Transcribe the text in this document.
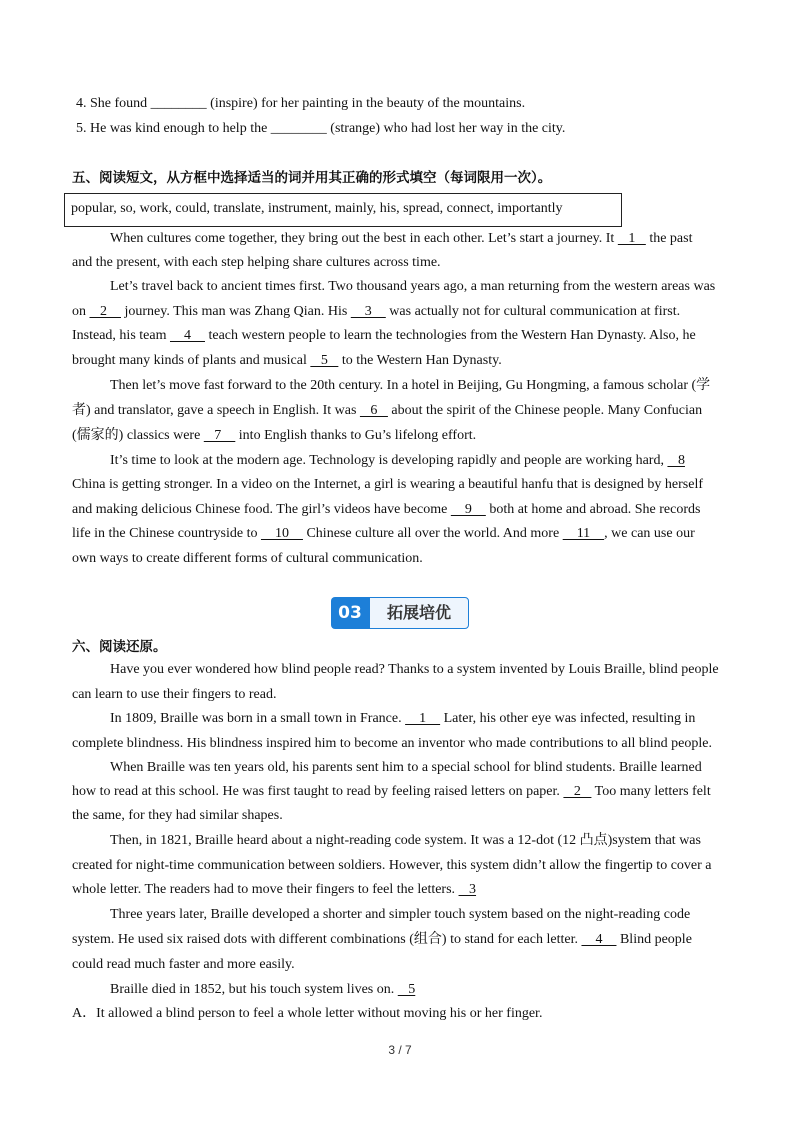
4. She found ________ (inspire) for her painting in the beauty of the mountains.
5. He was kind enough to help the ________ (strange) who had lost her way in the city.
五、阅读短文，从方框中选择适当的词并用其正确的形式填空（每词限用一次）。
popular, so, work, could, translate, instrument, mainly, his, spread, connect, importantly
When cultures come together, they bring out the best in each other. Let’s start a journey. It    1    the past
and the present, with each step helping share cultures across time.
Let’s travel back to ancient times first. Two thousand years ago, a man returning from the western areas was
on    2     journey. This man was Zhang Qian. His     3     was actually not for cultural communication at first.
Instead, his team     4     teach western people to learn the technologies from the Western Han Dynasty. Also, he
brought many kinds of plants and musical    5    to the Western Han Dynasty.
Then let’s move fast forward to the 20th century. In a hotel in Beijing, Gu Hongming, a famous scholar (学
者) and translator, gave a speech in English. It was    6    about the spirit of the Chinese people. Many Confucian
(儒家的) classics were    7     into English thanks to Gu’s lifelong effort.
It’s time to look at the modern age. Technology is developing rapidly and people are working hard,    8
China is getting stronger. In a video on the Internet, a girl is wearing a beautiful hanfu that is designed by herself
and making delicious Chinese food. The girl’s videos have become     9     both at home and abroad. She records
life in the Chinese countryside to     10     Chinese culture all over the world. And more     11    , we can use our
own ways to create different forms of cultural communication.
03	拓展培优
六、阅读还原。
Have you ever wondered how blind people read? Thanks to a system invented by Louis Braille, blind people
can learn to use their fingers to read.
In 1809, Braille was born in a small town in France.     1     Later, his other eye was infected, resulting in
complete blindness. His blindness inspired him to become an inventor who made contributions to all blind people.
When Braille was ten years old, his parents sent him to a special school for blind students. Braille learned
how to read at this school. He was first taught to read by feeling raised letters on paper.    2    Too many letters felt
the same, for they had similar shapes.
Then, in 1821, Braille heard about a night-reading code system. It was a 12-dot (12 凸点)system that was
created for night-time communication between soldiers. However, this system didn’t allow the fingertip to cover a
whole letter. The readers had to move their fingers to feel the letters.    3
Three years later, Braille developed a shorter and simpler touch system based on the night-reading code
system. He used six raised dots with different combinations (组合) to stand for each letter.     4     Blind people
could read much faster and more easily.
Braille died in 1852, but his touch system lives on.    5
A．It allowed a blind person to feel a whole letter without moving his or her finger.
3 / 7
